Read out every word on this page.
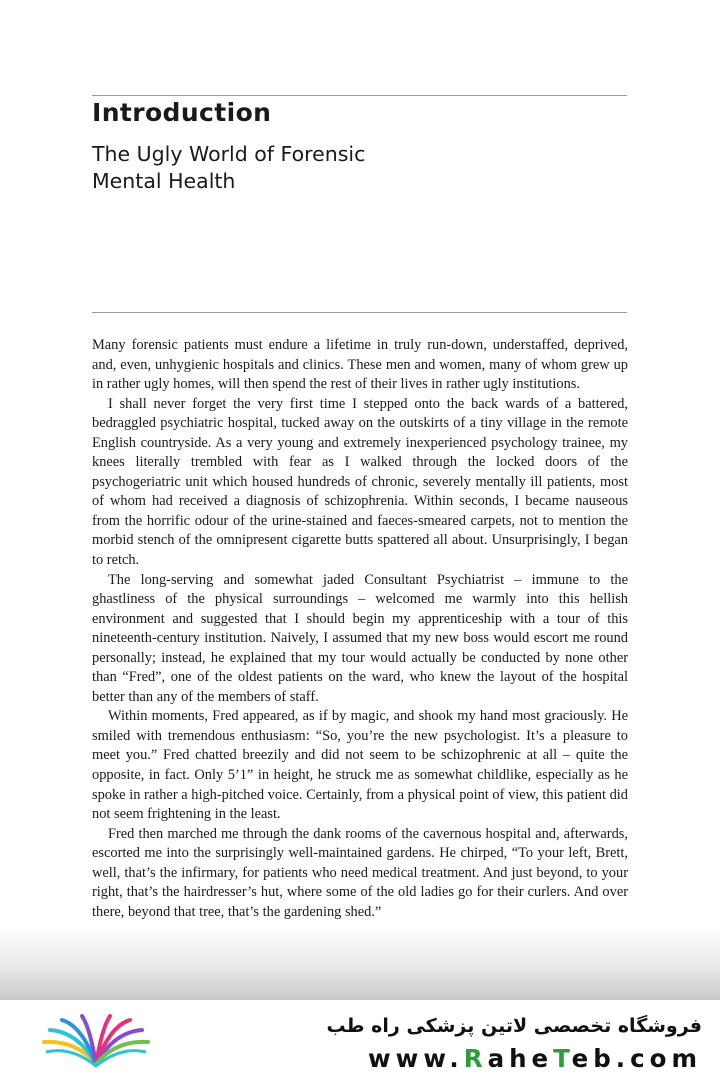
Introduction
The Ugly World of Forensic
Mental Health

Many forensic patients must endure a lifetime in truly run-down, understaffed, deprived, and, even, unhygienic hospitals and clinics. These men and women, many of whom grew up in rather ugly homes, will then spend the rest of their lives in rather ugly institutions.

I shall never forget the very first time I stepped onto the back wards of a battered, bedraggled psychiatric hospital, tucked away on the outskirts of a tiny village in the remote English countryside. As a very young and extremely inexperienced psychology trainee, my knees literally trembled with fear as I walked through the locked doors of the psychogeriatric unit which housed hundreds of chronic, severely mentally ill patients, most of whom had received a diagnosis of schizophrenia. Within seconds, I became nauseous from the horrific odour of the urine-stained and faeces-smeared carpets, not to mention the morbid stench of the omnipresent cigarette butts spattered all about. Unsurprisingly, I began to retch.

The long-serving and somewhat jaded Consultant Psychiatrist – immune to the ghastliness of the physical surroundings – welcomed me warmly into this hellish environment and suggested that I should begin my apprenticeship with a tour of this nineteenth-century institution. Naively, I assumed that my new boss would escort me round personally; instead, he explained that my tour would actually be conducted by none other than “Fred”, one of the oldest patients on the ward, who knew the layout of the hospital better than any of the members of staff.

Within moments, Fred appeared, as if by magic, and shook my hand most graciously. He smiled with tremendous enthusiasm: “So, you’re the new psychologist. It’s a pleasure to meet you.” Fred chatted breezily and did not seem to be schizophrenic at all – quite the opposite, in fact. Only 5’1” in height, he struck me as somewhat childlike, especially as he spoke in rather a high-pitched voice. Certainly, from a physical point of view, this patient did not seem frightening in the least.

Fred then marched me through the dank rooms of the cavernous hospital and, afterwards, escorted me into the surprisingly well-maintained gardens. He chirped, “To your left, Brett, well, that’s the infirmary, for patients who need medical treatment. And just beyond, to your right, that’s the hairdresser’s hut, where some of the old ladies go for their curlers. And over there, beyond that tree, that’s the gardening shed.”

فروشگاه تخصصی لاتین پزشکی راه طب
www.RaheTeb.com
